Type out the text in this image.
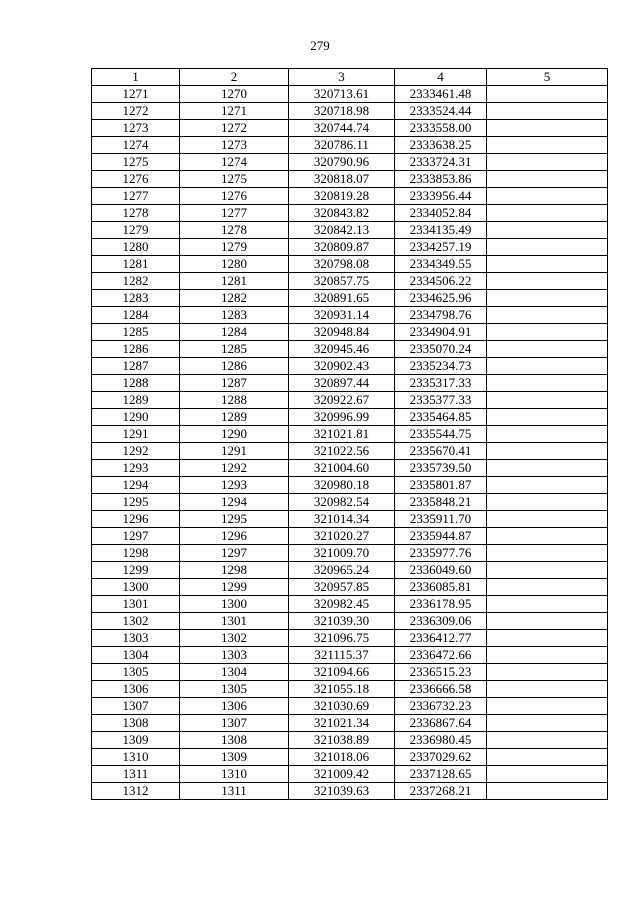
279
1	2	3	4	5
1271	1270	320713.61	2333461.48	
1272	1271	320718.98	2333524.44	
1273	1272	320744.74	2333558.00	
1274	1273	320786.11	2333638.25	
1275	1274	320790.96	2333724.31	
1276	1275	320818.07	2333853.86	
1277	1276	320819.28	2333956.44	
1278	1277	320843.82	2334052.84	
1279	1278	320842.13	2334135.49	
1280	1279	320809.87	2334257.19	
1281	1280	320798.08	2334349.55	
1282	1281	320857.75	2334506.22	
1283	1282	320891.65	2334625.96	
1284	1283	320931.14	2334798.76	
1285	1284	320948.84	2334904.91	
1286	1285	320945.46	2335070.24	
1287	1286	320902.43	2335234.73	
1288	1287	320897.44	2335317.33	
1289	1288	320922.67	2335377.33	
1290	1289	320996.99	2335464.85	
1291	1290	321021.81	2335544.75	
1292	1291	321022.56	2335670.41	
1293	1292	321004.60	2335739.50	
1294	1293	320980.18	2335801.87	
1295	1294	320982.54	2335848.21	
1296	1295	321014.34	2335911.70	
1297	1296	321020.27	2335944.87	
1298	1297	321009.70	2335977.76	
1299	1298	320965.24	2336049.60	
1300	1299	320957.85	2336085.81	
1301	1300	320982.45	2336178.95	
1302	1301	321039.30	2336309.06	
1303	1302	321096.75	2336412.77	
1304	1303	321115.37	2336472.66	
1305	1304	321094.66	2336515.23	
1306	1305	321055.18	2336666.58	
1307	1306	321030.69	2336732.23	
1308	1307	321021.34	2336867.64	
1309	1308	321038.89	2336980.45	
1310	1309	321018.06	2337029.62	
1311	1310	321009.42	2337128.65	
1312	1311	321039.63	2337268.21	
